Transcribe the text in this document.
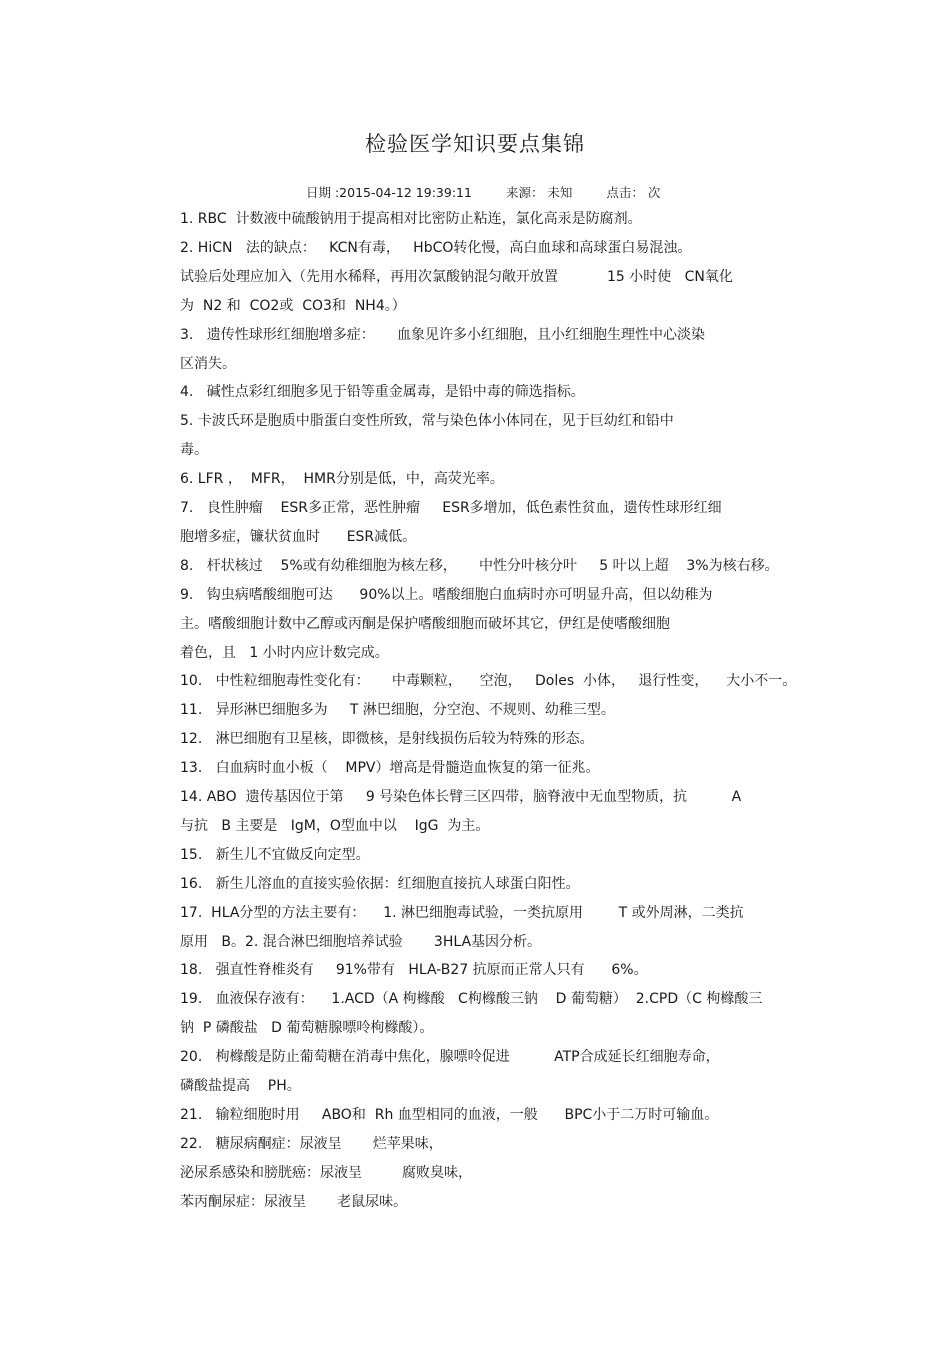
检验医学知识要点集锦
日期 :2015-04-12 19:39:11	来源： 未知	点击： 次
1. RBC  计数液中硫酸钠用于提高相对比密防止粘连，氯化高汞是防腐剂。
2. HiCN   法的缺点：   KCN有毒，   HbCO转化慢，高白血球和高球蛋白易混浊。
试验后处理应加入（先用水稀释，再用次氯酸钠混匀敞开放置           15 小时使   CN氧化
为  N2 和  CO2或  CO3和  NH4。）
3.   遗传性球形红细胞增多症：     血象见许多小红细胞，且小红细胞生理性中心淡染
区消失。
4.   碱性点彩红细胞多见于铅等重金属毒，是铅中毒的筛选指标。
5. 卡波氏环是胞质中脂蛋白变性所致，常与染色体小体同在，见于巨幼红和铅中
毒。
6. LFR ，  MFR，  HMR分别是低，中，高荧光率。
7.   良性肿瘤    ESR多正常，恶性肿瘤     ESR多增加，低色素性贫血，遗传性球形红细
胞增多症，镰状贫血时      ESR减低。
8.   杆状核过    5%或有幼稚细胞为核左移，     中性分叶核分叶     5 叶以上超    3%为核右移。
9.   钩虫病嗜酸细胞可达      90%以上。嗜酸细胞白血病时亦可明显升高，但以幼稚为
主。嗜酸细胞计数中乙醇或丙酮是保护嗜酸细胞而破坏其它，伊红是使嗜酸细胞
着色，且   1 小时内应计数完成。
10.   中性粒细胞毒性变化有：     中毒颗粒，    空泡，   Doles  小体，   退行性变，    大小不一。
11.   异形淋巴细胞多为     T 淋巴细胞，分空泡、不规则、幼稚三型。
12.   淋巴细胞有卫星核，即微核，是射线损伤后较为特殊的形态。
13.   白血病时血小板（    MPV）增高是骨髓造血恢复的第一征兆。
14. ABO  遗传基因位于第     9 号染色体长臂三区四带，脑脊液中无血型物质，抗          A
与抗   B 主要是   IgM，O型血中以    IgG  为主。
15.   新生儿不宜做反向定型。
16.   新生儿溶血的直接实验依据：红细胞直接抗人球蛋白阳性。
17.  HLA分型的方法主要有：    1. 淋巴细胞毒试验，一类抗原用        T 或外周淋，二类抗
原用   B。2. 混合淋巴细胞培养试验       3HLA基因分析。
18.   强直性脊椎炎有     91%带有   HLA-B27 抗原而正常人只有      6%。
19.   血液保存液有：    1.ACD（A 枸橼酸   C枸橼酸三钠    D 葡萄糖）  2.CPD（C 枸橼酸三
钠  P 磷酸盐   D 葡萄糖腺嘌呤枸橼酸）。
20.   枸橼酸是防止葡萄糖在消毒中焦化，腺嘌呤促进          ATP合成延长红细胞寿命，
磷酸盐提高    PH。
21.   输粒细胞时用     ABO和  Rh 血型相同的血液，一般      BPC小于二万时可输血。
22.   糖尿病酮症：尿液呈       烂苹果味，
泌尿系感染和膀胱癌：尿液呈         腐败臭味，
苯丙酮尿症：尿液呈       老鼠尿味。
